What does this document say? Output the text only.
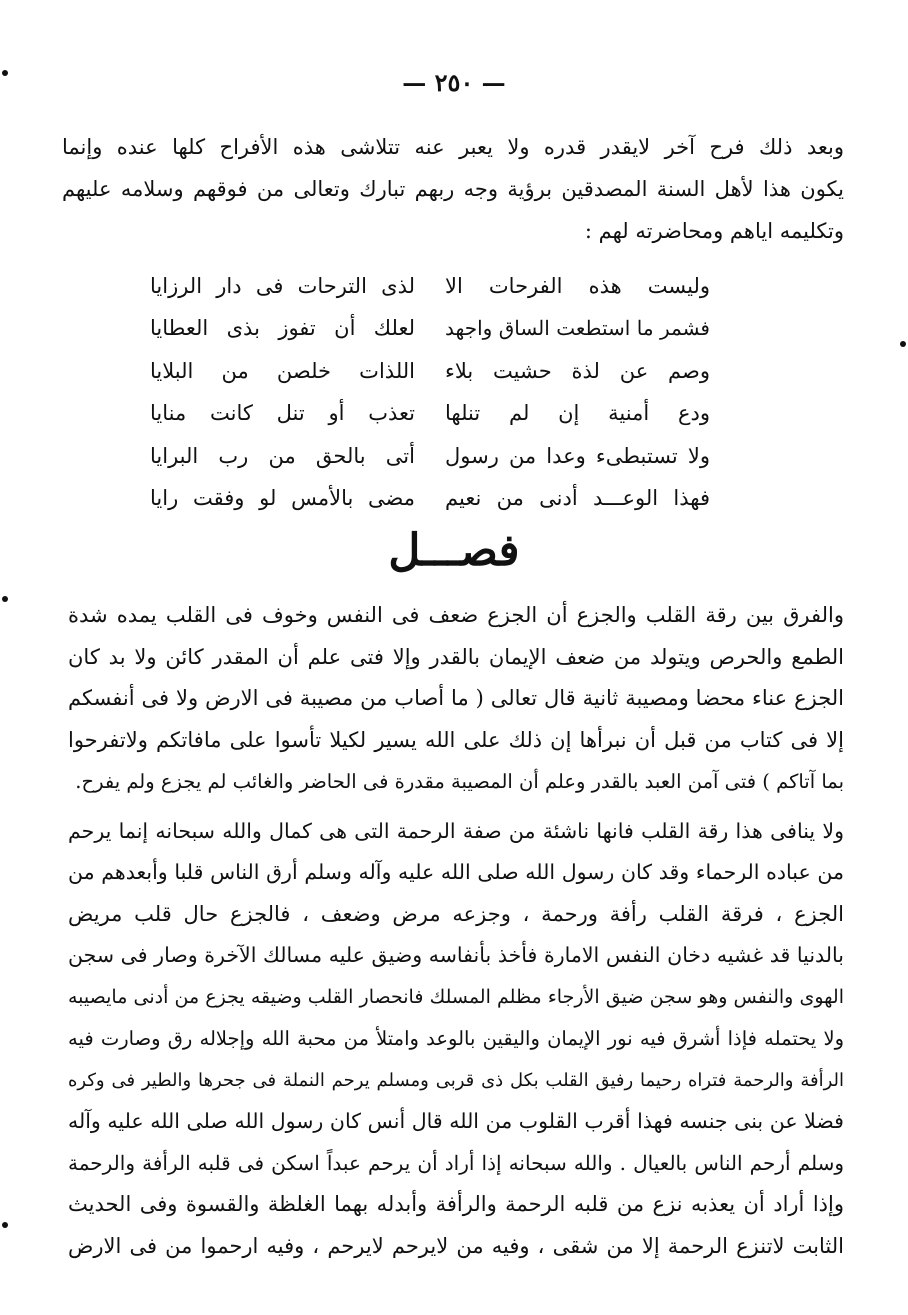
— ٢٥٠ —
وبعد ذلك فرح آخر لايقدر قدره ولا يعبر عنه تتلاشى هذه الأفراح كلها عنده وإنما
يكون هذا لأهل السنة المصدقين برؤية وجه ربهم تبارك وتعالى من فوقهم وسلامه عليهم
وتكليمه اياهم ومحاضرته لهم :
وليست هذه الفرحات الا
لذى الترحات فى دار الرزايا
فشمر ما استطعت الساق واجهد
لعلك أن تفوز بذى العطايا
وصم عن لذة حشيت بلاء
اللذات خلصن من البلايا
ودع أمنية إن لم تنلها
تعذب أو تنل كانت منايا
ولا تستبطىء وعدا من رسول
أتى بالحق من رب البرايا
فهذا الوعـــد أدنى من نعيم
مضى بالأمس لو وفقت رايا
فصـــل
والفرق بين رقة القلب والجزع أن الجزع ضعف فى النفس وخوف فى القلب يمده شدة
الطمع والحرص ويتولد من ضعف الإيمان بالقدر وإلا فتى علم أن المقدر كائن ولا بد كان
الجزع عناء محضا ومصيبة ثانية قال تعالى ( ما أصاب من مصيبة فى الارض ولا فى أنفسكم
إلا فى كتاب من قبل أن نبرأها إن ذلك على الله يسير لكيلا تأسوا على مافاتكم ولاتفرحوا
بما آتاكم ) فتى آمن العبد بالقدر وعلم أن المصيبة مقدرة فى الحاضر والغائب لم يجزع ولم يفرح.
ولا ينافى هذا رقة القلب فانها ناشئة من صفة الرحمة التى هى كمال والله سبحانه إنما يرحم
من عباده الرحماء وقد كان رسول الله صلى الله عليه وآله وسلم أرق الناس قلبا وأبعدهم من
الجزع ، فرقة القلب رأفة ورحمة ، وجزعه مرض وضعف ، فالجزع حال قلب مريض
بالدنيا قد غشيه دخان النفس الامارة فأخذ بأنفاسه وضيق عليه مسالك الآخرة وصار فى سجن
الهوى والنفس وهو سجن ضيق الأرجاء مظلم المسلك فانحصار القلب وضيقه يجزع من أدنى مايصيبه
ولا يحتمله فإذا أشرق فيه نور الإيمان واليقين بالوعد وامتلأ من محبة الله وإجلاله رق وصارت فيه
الرأفة والرحمة فتراه رحيما رفيق القلب بكل ذى قربى ومسلم يرحم النملة فى جحرها والطير فى وكره
فضلا عن بنى جنسه فهذا أقرب القلوب من الله قال أنس كان رسول الله صلى الله عليه وآله
وسلم أرحم الناس بالعيال . والله سبحانه إذا أراد أن يرحم عبداً اسكن فى قلبه الرأفة والرحمة
وإذا أراد أن يعذبه نزع من قلبه الرحمة والرأفة وأبدله بهما الغلظة والقسوة وفى الحديث
الثابت لاتنزع الرحمة إلا من شقى ، وفيه من لايرحم لايرحم ، وفيه ارحموا من فى الارض
